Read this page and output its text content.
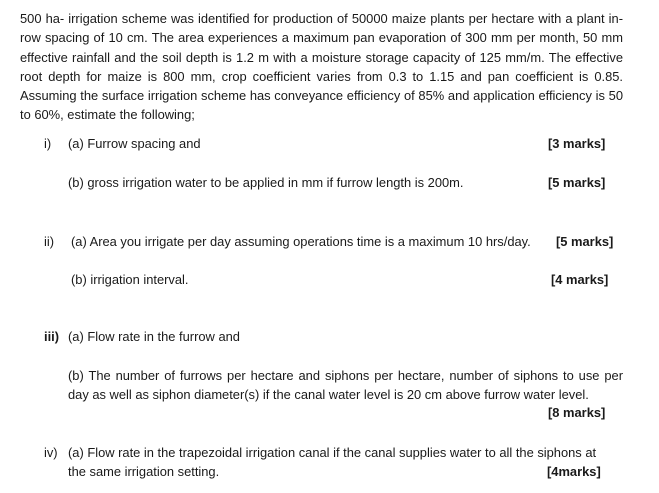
500 ha- irrigation scheme was identified for production of 50000 maize plants per hectare with a plant in-row spacing of 10 cm. The area experiences a maximum pan evaporation of 300 mm per month, 50 mm effective rainfall and the soil depth is 1.2 m with a moisture storage capacity of 125 mm/m. The effective root depth for maize is 800 mm, crop coefficient varies from 0.3 to 1.15 and pan coefficient is 0.85. Assuming the surface irrigation scheme has conveyance efficiency of 85% and application efficiency is 50 to 60%, estimate the following;

i) (a) Furrow spacing and	[3 marks]
(b) gross irrigation water to be applied in mm if furrow length is 200m.	[5 marks]
ii) (a) Area you irrigate per day assuming operations time is a maximum 10 hrs/day. [5 marks]
(b) irrigation interval.	[4 marks]
iii) (a) Flow rate in the furrow and

(b) The number of furrows per hectare and siphons per hectare, number of siphons to use per day as well as siphon diameter(s) if the canal water level is 20 cm above furrow water level.

[8 marks]
iv) (a) Flow rate in the trapezoidal irrigation canal if the canal supplies water to all the siphons at
the same irrigation setting.	[4marks]
